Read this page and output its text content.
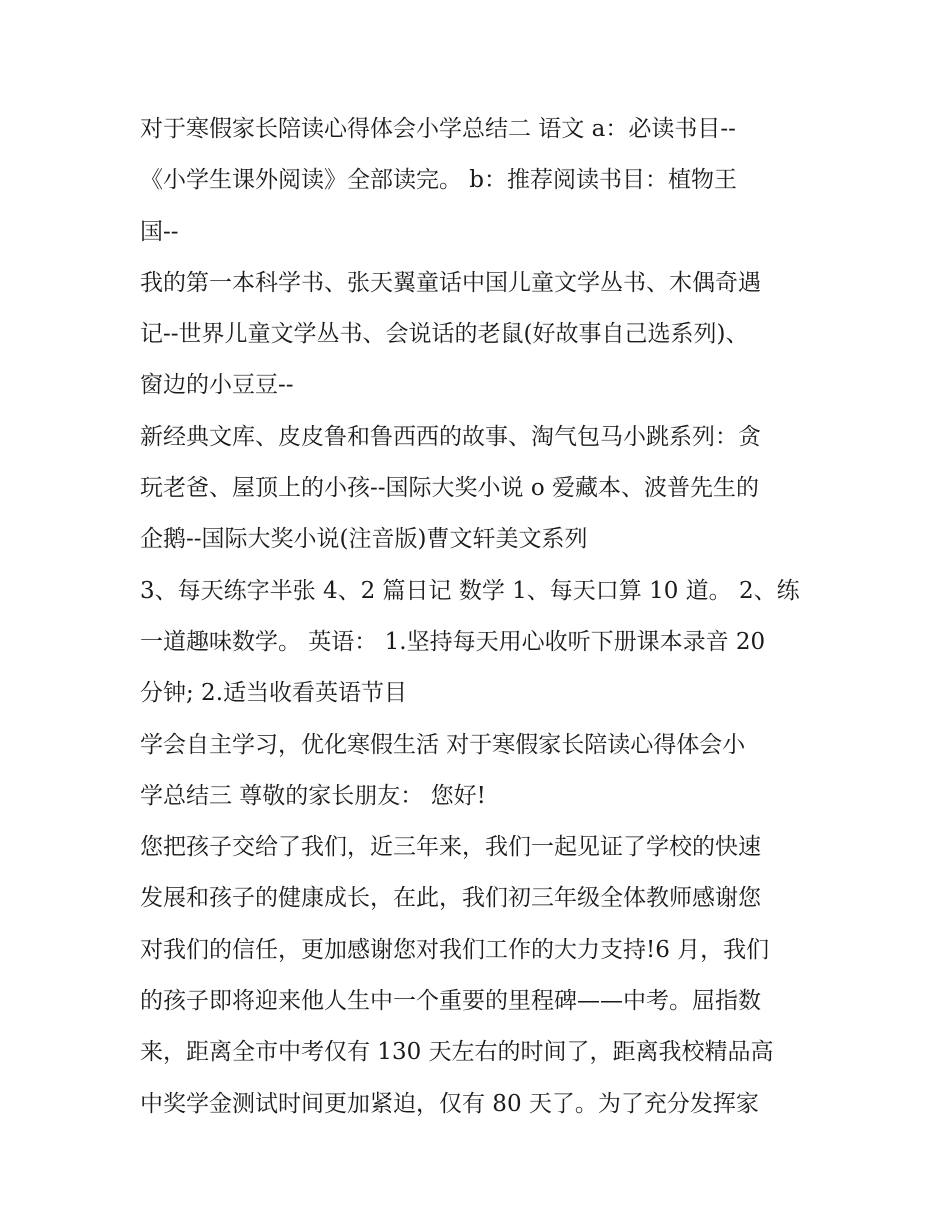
对于寒假家长陪读心得体会小学总结二 语文 a：必读书目--
《小学生课外阅读》全部读完。 b：推荐阅读书目：植物王
国--
我的第一本科学书、张天翼童话中国儿童文学丛书、木偶奇遇
记--世界儿童文学丛书、会说话的老鼠(好故事自己选系列)、
窗边的小豆豆--
新经典文库、皮皮鲁和鲁西西的故事、淘气包马小跳系列：贪
玩老爸、屋顶上的小孩--国际大奖小说 o 爱藏本、波普先生的
企鹅--国际大奖小说(注音版)曹文轩美文系列
3、每天练字半张 4、2 篇日记 数学 1、每天口算 10 道。 2、练
一道趣味数学。 英语： 1.坚持每天用心收听下册课本录音 20
分钟; 2.适当收看英语节目
学会自主学习，优化寒假生活 对于寒假家长陪读心得体会小
学总结三 尊敬的家长朋友： 您好!
您把孩子交给了我们，近三年来，我们一起见证了学校的快速
发展和孩子的健康成长，在此，我们初三年级全体教师感谢您
对我们的信任，更加感谢您对我们工作的大力支持!6 月，我们
的孩子即将迎来他人生中一个重要的里程碑——中考。屈指数
来，距离全市中考仅有 130 天左右的时间了，距离我校精品高
中奖学金测试时间更加紧迫，仅有 80 天了。为了充分发挥家
